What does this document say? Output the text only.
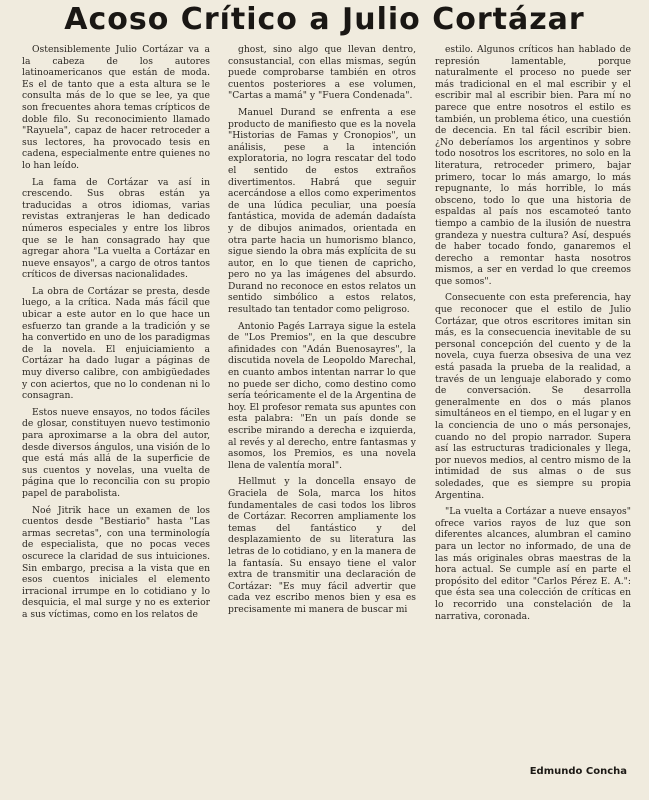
Acoso Crítico a Julio Cortázar

Ostensiblemente Julio Cortázar va a la cabeza de los autores latinoamericanos que están de moda. Es el de tanto que a esta altura se le consulta más de lo que se lee, ya que son frecuentes ahora temas crípticos de doble filo. Su reconocimiento llamado "Rayuela", capaz de hacer retroceder a sus lectores, ha provocado tesis en cadena, especialmente entre quienes no lo han leído.

La fama de Cortázar va así in crescendo. Sus obras están ya traducidas a otros idiomas, varias revistas extranjeras le han dedicado números especiales y entre los libros que se le han consagrado hay que agregar ahora "La vuelta a Cortázar en nueve ensayos", a cargo de otros tantos críticos de diversas nacionalidades.

La obra de Cortázar se presta, desde luego, a la crítica. Nada más fácil que ubicar a este autor en lo que hace un esfuerzo tan grande a la tradición y se ha convertido en uno de los paradigmas de la novela. El enjuiciamiento a Cortázar ha dado lugar a páginas de muy diverso calibre, con ambigüedades y con aciertos, que no lo condenan ni lo consagran.

Estos nueve ensayos, no todos fáciles de glosar, constituyen nuevo testimonio para aproximarse a la obra del autor, desde diversos ángulos, una visión de lo que está más allá de la superficie de sus cuentos y novelas, una vuelta de página que lo reconcilia con su propio papel de parabolista.

Noé Jitrik hace un examen de los cuentos desde "Bestiario" hasta "Las armas secretas", con una terminología de especialista, que no pocas veces oscurece la claridad de sus intuiciones. Sin embargo, precisa a la vista que en esos cuentos iniciales el elemento irracional irrumpe en lo cotidiano y lo desquicia, el mal surge y no es exterior a sus víctimas, como en los relatos de

ghost, sino algo que llevan dentro, consustancial, con ellas mismas, según puede comprobarse también en otros cuentos posteriores a ese volumen, "Cartas a mamá" y "Fuera Condenada".

Manuel Durand se enfrenta a ese producto de manifiesto que es la novela "Historias de Famas y Cronopios", un análisis, pese a la intención exploratoria, no logra rescatar del todo el sentido de estos extraños divertimentos. Habrá que seguir acercándose a ellos como experimentos de una lúdica peculiar, una poesía fantástica, movida de ademán dadaísta y de dibujos animados, orientada en otra parte hacia un humorismo blanco, sigue siendo la obra más explícita de su autor, en lo que tienen de capricho, pero no ya las imágenes del absurdo. Durand no reconoce en estos relatos un sentido simbólico a estos relatos, resultado tan tentador como peligroso.

Antonio Pagés Larraya sigue la estela de "Los Premios", en la que descubre afinidades con "Adán Buenosayres", la discutida novela de Leopoldo Marechal, en cuanto ambos intentan narrar lo que no puede ser dicho, como destino como sería teóricamente el de la Argentina de hoy. El profesor remata sus apuntes con esta palabra: "En un país donde se escribe mirando a derecha e izquierda, al revés y al derecho, entre fantasmas y asomos, los Premios, es una novela llena de valentía moral".

Hellmut y la doncella ensayo de Graciela de Sola, marca los hitos fundamentales de casi todos los libros de Cortázar. Recorren ampliamente los temas del fantástico y del desplazamiento de su literatura las letras de lo cotidiano, y en la manera de la fantasía. Su ensayo tiene el valor extra de transmitir una declaración de Cortázar: "Es muy fácil advertir que cada vez escribo menos bien y esa es precisamente mi manera de buscar mi

estilo. Algunos críticos han hablado de represión lamentable, porque naturalmente el proceso no puede ser más tradicional en el mal escribir y el escribir mal al escribir bien. Para mí no parece que entre nosotros el estilo es también, un problema ético, una cuestión de decencia. En tal fácil escribir bien. ¿No deberíamos los argentinos y sobre todo nosotros los escritores, no solo en la literatura, retroceder primero, bajar primero, tocar lo más amargo, lo más repugnante, lo más horrible, lo más obsceno, todo lo que una historia de espaldas al país nos escamoteó tanto tiempo a cambio de la ilusión de nuestra grandeza y nuestra cultura? Así, después de haber tocado fondo, ganaremos el derecho a remontar hasta nosotros mismos, a ser en verdad lo que creemos que somos".

Consecuente con esta preferencia, hay que reconocer que el estilo de Julio Cortázar, que otros escritores imitan sin más, es la consecuencia inevitable de su personal concepción del cuento y de la novela, cuya fuerza obsesiva de una vez está pasada la prueba de la realidad, a través de un lenguaje elaborado y como de conversación. Se desarrolla generalmente en dos o más planos simultáneos en el tiempo, en el lugar y en la conciencia de uno o más personajes, cuando no del propio narrador. Supera así las estructuras tradicionales y llega, por nuevos medios, al centro mismo de la intimidad de sus almas o de sus soledades, que es siempre su propia Argentina.

"La vuelta a Cortázar a nueve ensayos" ofrece varios rayos de luz que son diferentes alcances, alumbran el camino para un lector no informado, de una de las más originales obras maestras de la hora actual. Se cumple así en parte el propósito del editor "Carlos Pérez E. A.": que ésta sea una colección de críticas en lo recorrido una constelación de la narrativa, coronada.

Edmundo Concha
